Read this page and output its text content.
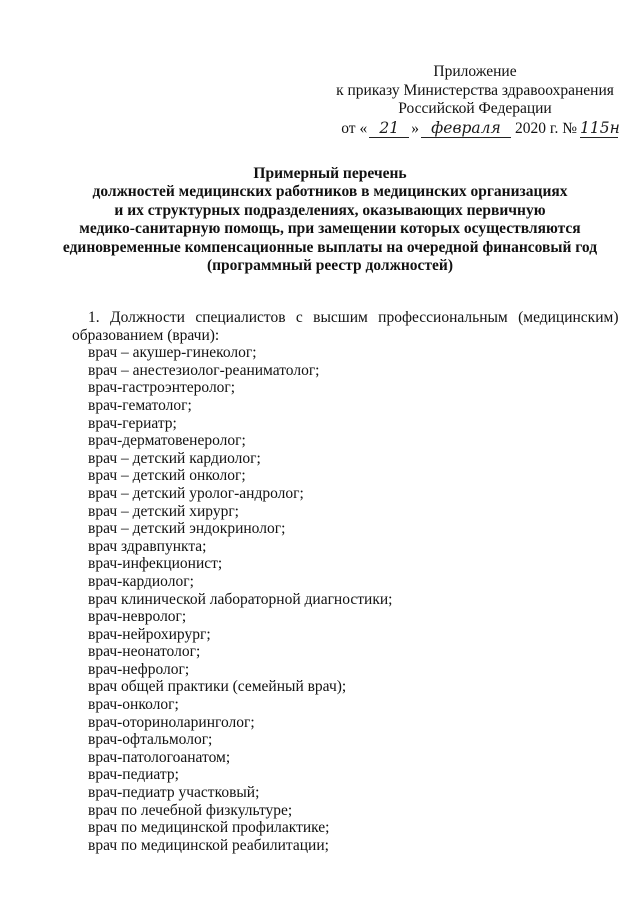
Приложение
к приказу Министерства здравоохранения
Российской Федерации
от « 21 » февраля 2020 г. № 115н
Примерный перечень
должностей медицинских работников в медицинских организациях
и их структурных подразделениях, оказывающих первичную
медико-санитарную помощь, при замещении которых осуществляются
единовременные компенсационные выплаты на очередной финансовый год
(программный реестр должностей)
1. Должности специалистов с высшим профессиональным (медицинским)
образованием (врачи):
врач – акушер-гинеколог;
врач – анестезиолог-реаниматолог;
врач-гастроэнтеролог;
врач-гематолог;
врач-гериатр;
врач-дерматовенеролог;
врач – детский кардиолог;
врач – детский онколог;
врач – детский уролог-андролог;
врач – детский хирург;
врач – детский эндокринолог;
врач здравпункта;
врач-инфекционист;
врач-кардиолог;
врач клинической лабораторной диагностики;
врач-невролог;
врач-нейрохирург;
врач-неонатолог;
врач-нефролог;
врач общей практики (семейный врач);
врач-онколог;
врач-оториноларинголог;
врач-офтальмолог;
врач-патологоанатом;
врач-педиатр;
врач-педиатр участковый;
врач по лечебной физкультуре;
врач по медицинской профилактике;
врач по медицинской реабилитации;
